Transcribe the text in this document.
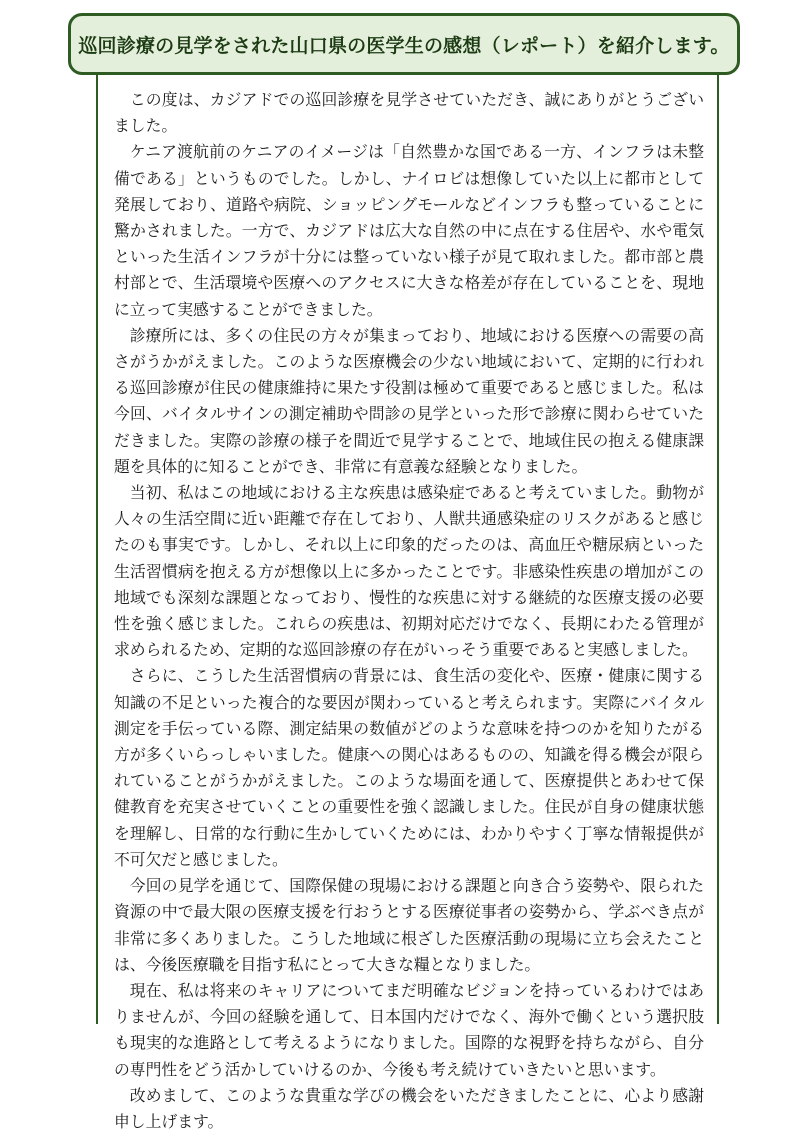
巡回診療の見学をされた山口県の医学生の感想（レポート）を紹介します。

この度は、カジアドでの巡回診療を見学させていただき、誠にありがとうございました。

ケニア渡航前のケニアのイメージは「自然豊かな国である一方、インフラは未整備である」というものでした。しかし、ナイロビは想像していた以上に都市として発展しており、道路や病院、ショッピングモールなどインフラも整っていることに驚かされました。一方で、カジアドは広大な自然の中に点在する住居や、水や電気といった生活インフラが十分には整っていない様子が見て取れました。都市部と農村部とで、生活環境や医療へのアクセスに大きな格差が存在していることを、現地に立って実感することができました。

診療所には、多くの住民の方々が集まっており、地域における医療への需要の高さがうかがえました。このような医療機会の少ない地域において、定期的に行われる巡回診療が住民の健康維持に果たす役割は極めて重要であると感じました。私は今回、バイタルサインの測定補助や問診の見学といった形で診療に関わらせていただきました。実際の診療の様子を間近で見学することで、地域住民の抱える健康課題を具体的に知ることができ、非常に有意義な経験となりました。

当初、私はこの地域における主な疾患は感染症であると考えていました。動物が人々の生活空間に近い距離で存在しており、人獣共通感染症のリスクがあると感じたのも事実です。しかし、それ以上に印象的だったのは、高血圧や糖尿病といった生活習慣病を抱える方が想像以上に多かったことです。非感染性疾患の増加がこの地域でも深刻な課題となっており、慢性的な疾患に対する継続的な医療支援の必要性を強く感じました。これらの疾患は、初期対応だけでなく、長期にわたる管理が求められるため、定期的な巡回診療の存在がいっそう重要であると実感しました。

さらに、こうした生活習慣病の背景には、食生活の変化や、医療・健康に関する知識の不足といった複合的な要因が関わっていると考えられます。実際にバイタル測定を手伝っている際、測定結果の数値がどのような意味を持つのかを知りたがる方が多くいらっしゃいました。健康への関心はあるものの、知識を得る機会が限られていることがうかがえました。このような場面を通して、医療提供とあわせて保健教育を充実させていくことの重要性を強く認識しました。住民が自身の健康状態を理解し、日常的な行動に生かしていくためには、わかりやすく丁寧な情報提供が不可欠だと感じました。

今回の見学を通じて、国際保健の現場における課題と向き合う姿勢や、限られた資源の中で最大限の医療支援を行おうとする医療従事者の姿勢から、学ぶべき点が非常に多くありました。こうした地域に根ざした医療活動の現場に立ち会えたことは、今後医療職を目指す私にとって大きな糧となりました。

現在、私は将来のキャリアについてまだ明確なビジョンを持っているわけではありませんが、今回の経験を通して、日本国内だけでなく、海外で働くという選択肢も現実的な進路として考えるようになりました。国際的な視野を持ちながら、自分の専門性をどう活かしていけるのか、今後も考え続けていきたいと思います。

改めまして、このような貴重な学びの機会をいただきましたことに、心より感謝申し上げます。
